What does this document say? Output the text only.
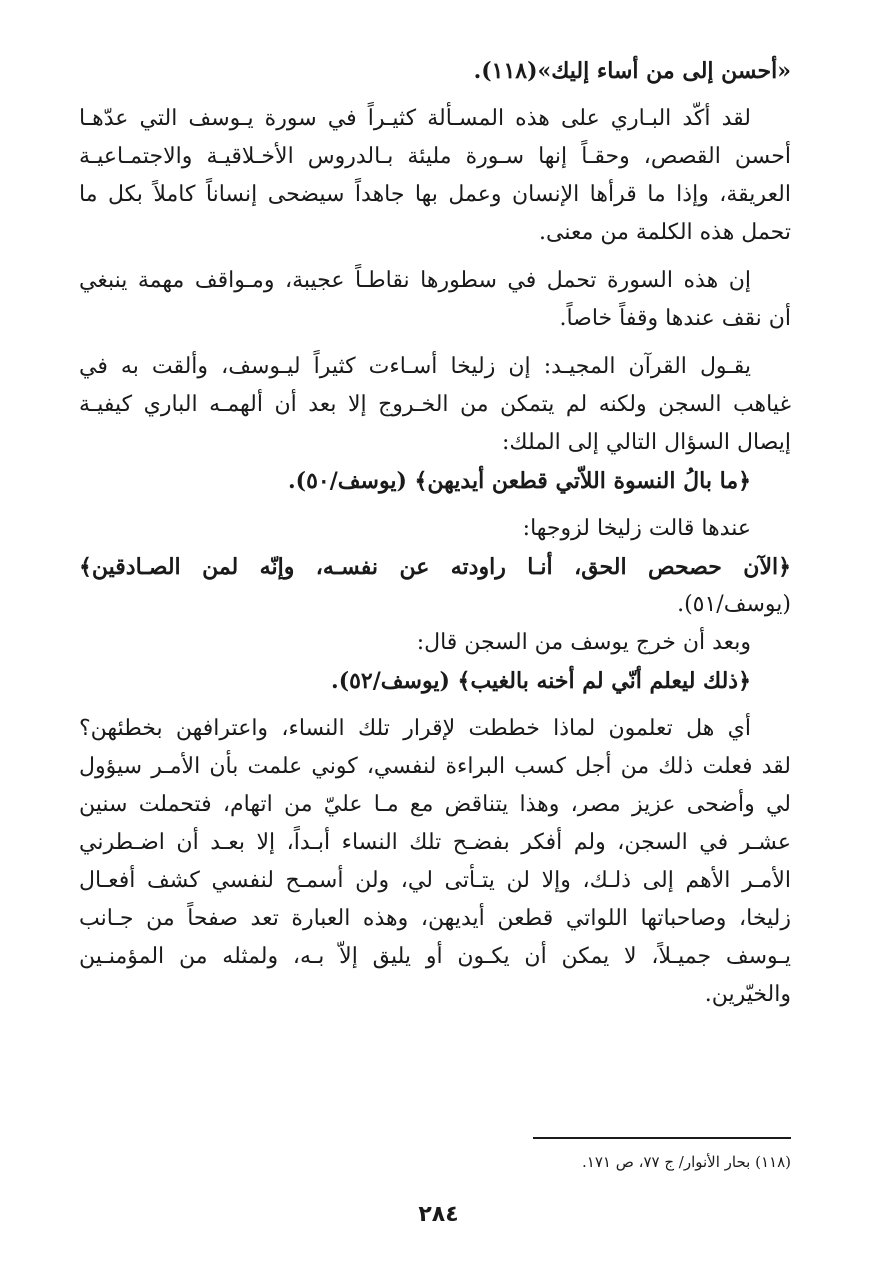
«أحسن إلى من أساء إليك»(١١٨).
لقد أكّد البـاري على هذه المسـألة كثيـراً في سورة يـوسف التي عدّهـا
أحسن القصص، وحقـاً إنها سـورة مليئة بـالدروس الأخـلاقيـة والاجتمـاعيـة
العريقة، وإذا ما قرأها الإنسان وعمل بها جاهداً سيضحى إنساناً كاملاً بكل ما
تحمل هذه الكلمة من معنى.
إن هذه السورة تحمل في سطورها نقاطـاً عجيبة، ومـواقف مهمة ينبغي
أن نقف عندها وقفاً خاصاً.
يقـول القرآن المجيـد: إن زليخا أسـاءت كثيراً ليـوسف، وألقت به في
غياهب السجن ولكنه لم يتمكن من الخـروج إلا بعد أن ألهمـه الباري كيفيـة
إيصال السؤال التالي إلى الملك:
﴿ما بالُ النسوة اللاّتي قطعن أيديهن﴾ (يوسف/٥٠).
عندها قالت زليخا لزوجها:
﴿الآن حصحص الحق، أنـا راودته عن نفسـه، وإنّه لمن الصـادقين﴾
(يوسف/٥١).
وبعد أن خرج يوسف من السجن قال:
﴿ذلك ليعلم أنّي لم أخنه بالغيب﴾ (يوسف/٥٢).
أي هل تعلمون لماذا خططت لإقرار تلك النساء، واعترافهن بخطئهن؟
لقد فعلت ذلك من أجل كسب البراءة لنفسي، كوني علمت بأن الأمـر سيؤول
لي وأضحى عزيز مصر، وهذا يتناقض مع مـا عليّ من اتهام، فتحملت سنين
عشـر في السجن، ولم أفكر بفضـح تلك النساء أبـداً، إلا بعـد أن اضـطرني
الأمـر الأهم إلى ذلـك، وإلا لن يتـأتى لي، ولن أسمـح لنفسي كشف أفعـال
زليخا، وصاحباتها اللواتي قطعن أيديهن، وهذه العبارة تعد صفحاً من جـانب
يـوسف جميـلاً، لا يمكن أن يكـون أو يليق إلاّ بـه، ولمثله من المؤمنـين
والخيّرين.
(١١٨) بحار الأنوار/ ج ٧٧، ص ١٧١.
٢٨٤
